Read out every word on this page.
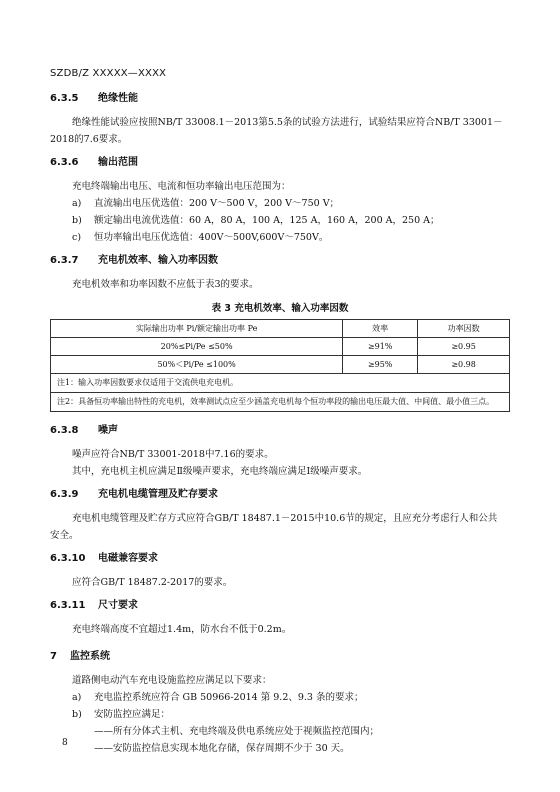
SZDB/Z XXXXX—XXXX
6.3.5	绝缘性能

绝缘性能试验应按照NB/T 33008.1－2013第5.5条的试验方法进行，试验结果应符合NB/T 33001－

2018的7.6要求。

6.3.6	输出范围

充电终端输出电压、电流和恒功率输出电压范围为：

a)	直流输出电压优选值：200 V～500 V，200 V～750 V；
b)	额定输出电流优选值：60 A，80 A，100 A，125 A，160 A，200 A，250 A；
c)	恒功率输出电压优选值：400V～500V,600V～750V。
6.3.7	充电机效率、输入功率因数

充电机效率和功率因数不应低于表3的要求。

表 3 充电机效率、输入功率因数
实际输出功率 Pi/额定输出功率 Pe	效率	功率因数
20%≤Pi/Pe ≤50%	≥91%	≥0.95
50%＜Pi/Pe ≤100%	≥95%	≥0.98

注1： 输入功率因数要求仅适用于交流供电充电机。		

注2： 具备恒功率输出特性的充电机，效率测试点应至少涵盖充电机每个恒功率段的输出电压最大值、中间值、最小值三点。		
6.3.8	噪声

噪声应符合NB/T 33001-2018中7.16的要求。

其中，充电机主机应满足Ⅱ级噪声要求，充电终端应满足Ⅰ级噪声要求。

6.3.9	充电机电缆管理及贮存要求

充电机电缆管理及贮存方式应符合GB/T 18487.1－2015中10.6节的规定，且应充分考虑行人和公共

安全。

6.3.10	电磁兼容要求

应符合GB/T 18487.2-2017的要求。

6.3.11	尺寸要求

充电终端高度不宜超过1.4m，防水台不低于0.2m。

7	监控系统

道路侧电动汽车充电设施监控应满足以下要求：

a)	充电监控系统应符合 GB 50966-2014 第 9.2、9.3 条的要求；
b)	安防监控应满足：
——所有分体式主机、充电终端及供电系统应处于视频监控范围内；
——安防监控信息实现本地化存储，保存周期不少于 30 天。
8
